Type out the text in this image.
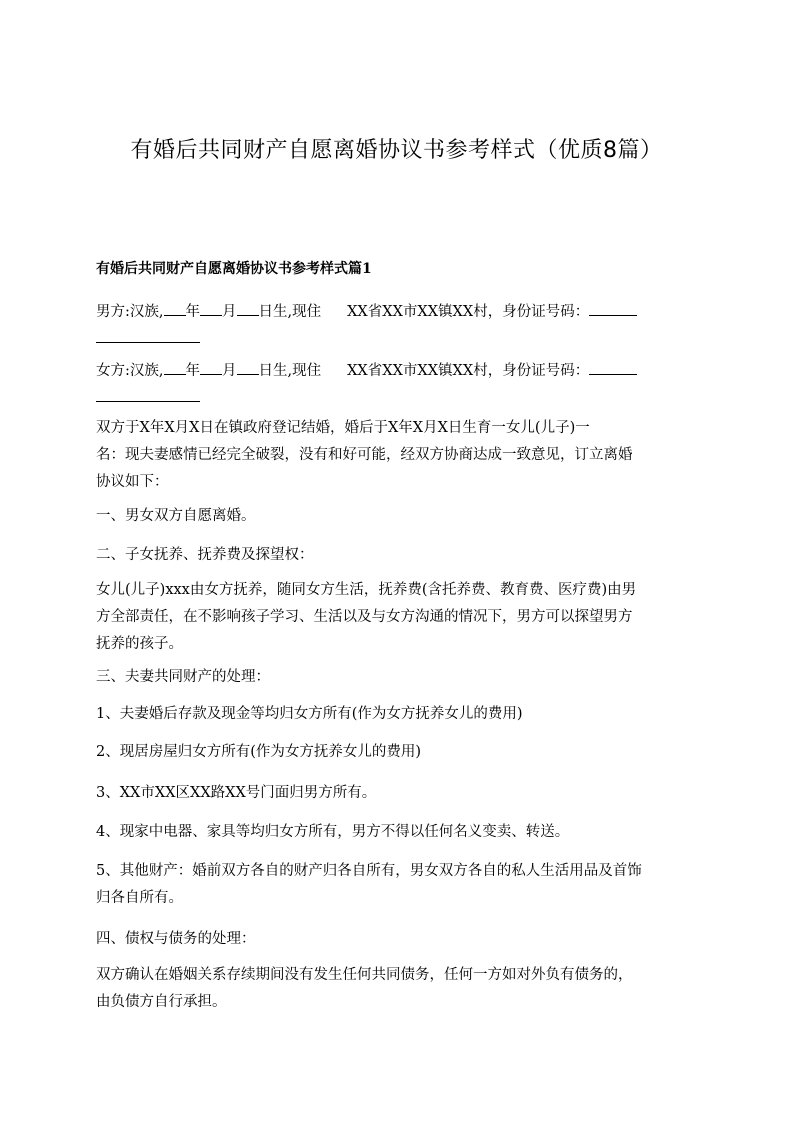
有婚后共同财产自愿离婚协议书参考样式（优质8篇）
有婚后共同财产自愿离婚协议书参考样式篇1
男方:汉族, 年 月 日生,现住 XX省XX市XX镇XX村，身份证号码：
女方:汉族, 年 月 日生,现住 XX省XX市XX镇XX村，身份证号码：
双方于X年X月X日在镇政府登记结婚，婚后于X年X月X日生育一女儿(儿子)一
名：现夫妻感情已经完全破裂，没有和好可能，经双方协商达成一致意见，订立离婚
协议如下：
一、男女双方自愿离婚。
二、子女抚养、抚养费及探望权：
女儿(儿子)xxx由女方抚养，随同女方生活，抚养费(含托养费、教育费、医疗费)由男
方全部责任，在不影响孩子学习、生活以及与女方沟通的情况下，男方可以探望男方
抚养的孩子。
三、夫妻共同财产的处理：
1、夫妻婚后存款及现金等均归女方所有(作为女方抚养女儿的费用)
2、现居房屋归女方所有(作为女方抚养女儿的费用)
3、XX市XX区XX路XX号门面归男方所有。
4、现家中电器、家具等均归女方所有，男方不得以任何名义变卖、转送。
5、其他财产：婚前双方各自的财产归各自所有，男女双方各自的私人生活用品及首饰
归各自所有。
四、债权与债务的处理：
双方确认在婚姻关系存续期间没有发生任何共同债务，任何一方如对外负有债务的，
由负债方自行承担。
